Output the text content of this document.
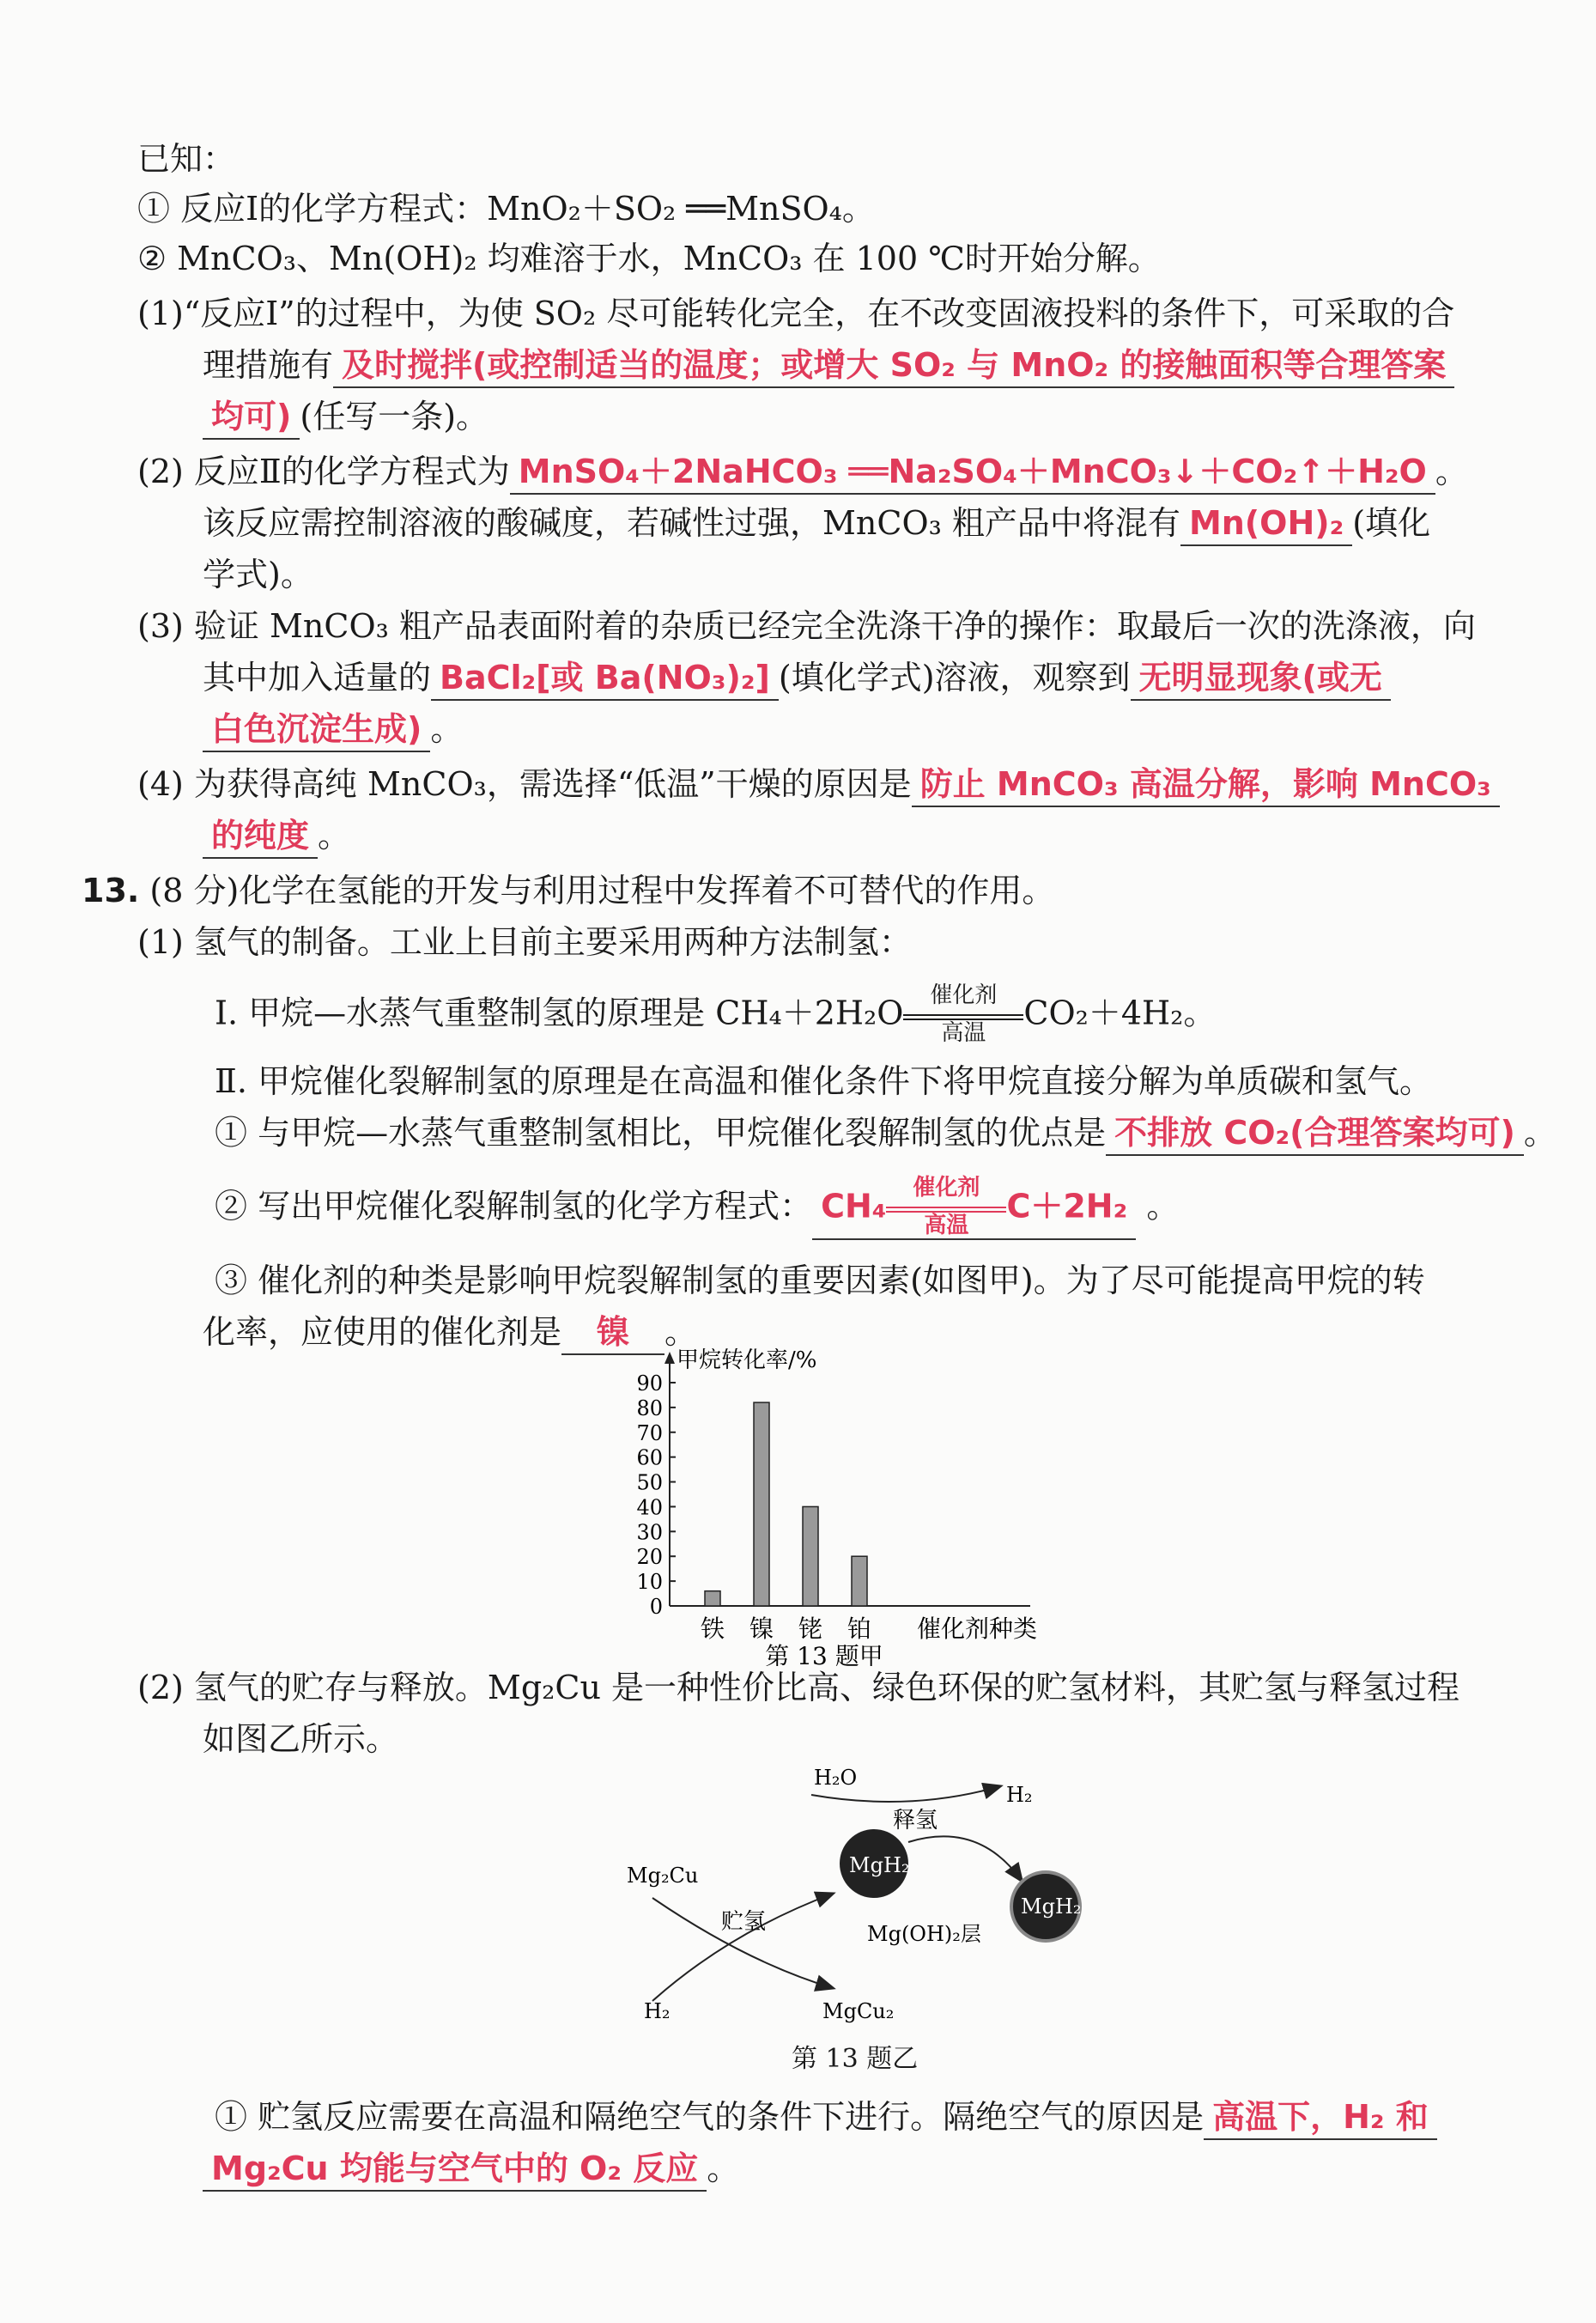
已知：
① 反应Ⅰ的化学方程式：MnO₂＋SO₂ ══MnSO₄。
② MnCO₃、Mn(OH)₂ 均难溶于水，MnCO₃ 在 100 ℃时开始分解。
(1)“反应Ⅰ”的过程中，为使 SO₂ 尽可能转化完全，在不改变固液投料的条件下，可采取的合
理措施有 及时搅拌(或控制适当的温度；或增大 SO₂ 与 MnO₂ 的接触面积等合理答案
均可) (任写一条)。
(2) 反应Ⅱ的化学方程式为 MnSO₄＋2NaHCO₃ ══Na₂SO₄＋MnCO₃↓＋CO₂↑＋H₂O 。
该反应需控制溶液的酸碱度，若碱性过强，MnCO₃ 粗产品中将混有 Mn(OH)₂ (填化
学式)。
(3) 验证 MnCO₃ 粗产品表面附着的杂质已经完全洗涤干净的操作：取最后一次的洗涤液，向
其中加入适量的 BaCl₂[或 Ba(NO₃)₂] (填化学式)溶液，观察到 无明显现象(或无
白色沉淀生成) 。
(4) 为获得高纯 MnCO₃，需选择“低温”干燥的原因是 防止 MnCO₃ 高温分解，影响 MnCO₃
的纯度 。
13. (8 分)化学在氢能的开发与利用过程中发挥着不可替代的作用。
(1) 氢气的制备。工业上目前主要采用两种方法制氢：
Ⅰ. 甲烷—水蒸气重整制氢的原理是 CH₄＋2H₂O	催化剂
高温
CO₂＋4H₂。
Ⅱ. 甲烷催化裂解制氢的原理是在高温和催化条件下将甲烷直接分解为单质碳和氢气。
① 与甲烷—水蒸气重整制氢相比，甲烷催化裂解制氢的优点是 不排放 CO₂(合理答案均可) 。
② 写出甲烷催化裂解制氢的化学方程式： CH₄	催化剂
高温
C＋2H₂ 。
③ 催化剂的种类是影响甲烷裂解制氢的重要因素(如图甲)。为了尽可能提高甲烷的转
化率，应使用的催化剂是 镍 。
甲烷转化率/%
0
10
20
30
40
50
60
70
80
90
铁 镍 铑 铂 催化剂种类
第 13 题甲
(2) 氢气的贮存与释放。Mg₂Cu 是一种性价比高、绿色环保的贮氢材料，其贮氢与释氢过程
如图乙所示。
H₂O
释氢
H₂
MgH₂
MgH₂
Mg(OH)₂层
Mg₂Cu
贮氢
H₂	MgCu₂
第 13 题乙
① 贮氢反应需要在高温和隔绝空气的条件下进行。隔绝空气的原因是 高温下，H₂ 和
Mg₂Cu 均能与空气中的 O₂ 反应 。
